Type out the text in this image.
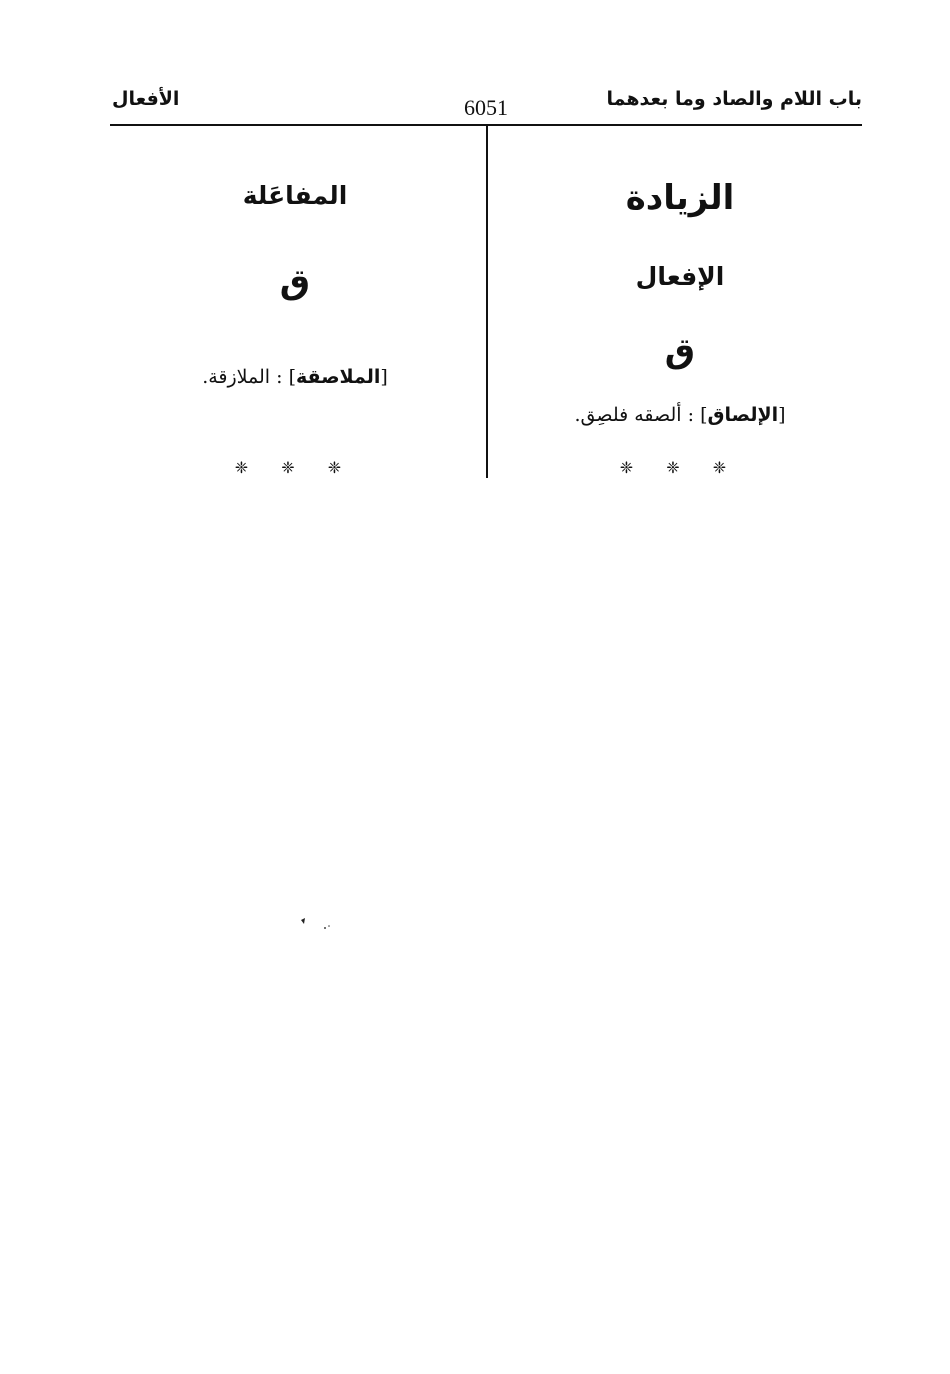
باب اللام والصاد وما بعدهما
6051
الأفعال
الزيادة
الإفعال
ق
[الإلصاق] : ألصقه فلصِق.
❈ ❈ ❈
المفاعَلة
ق
[الملاصقة] : الملازقة.
❈ ❈ ❈
